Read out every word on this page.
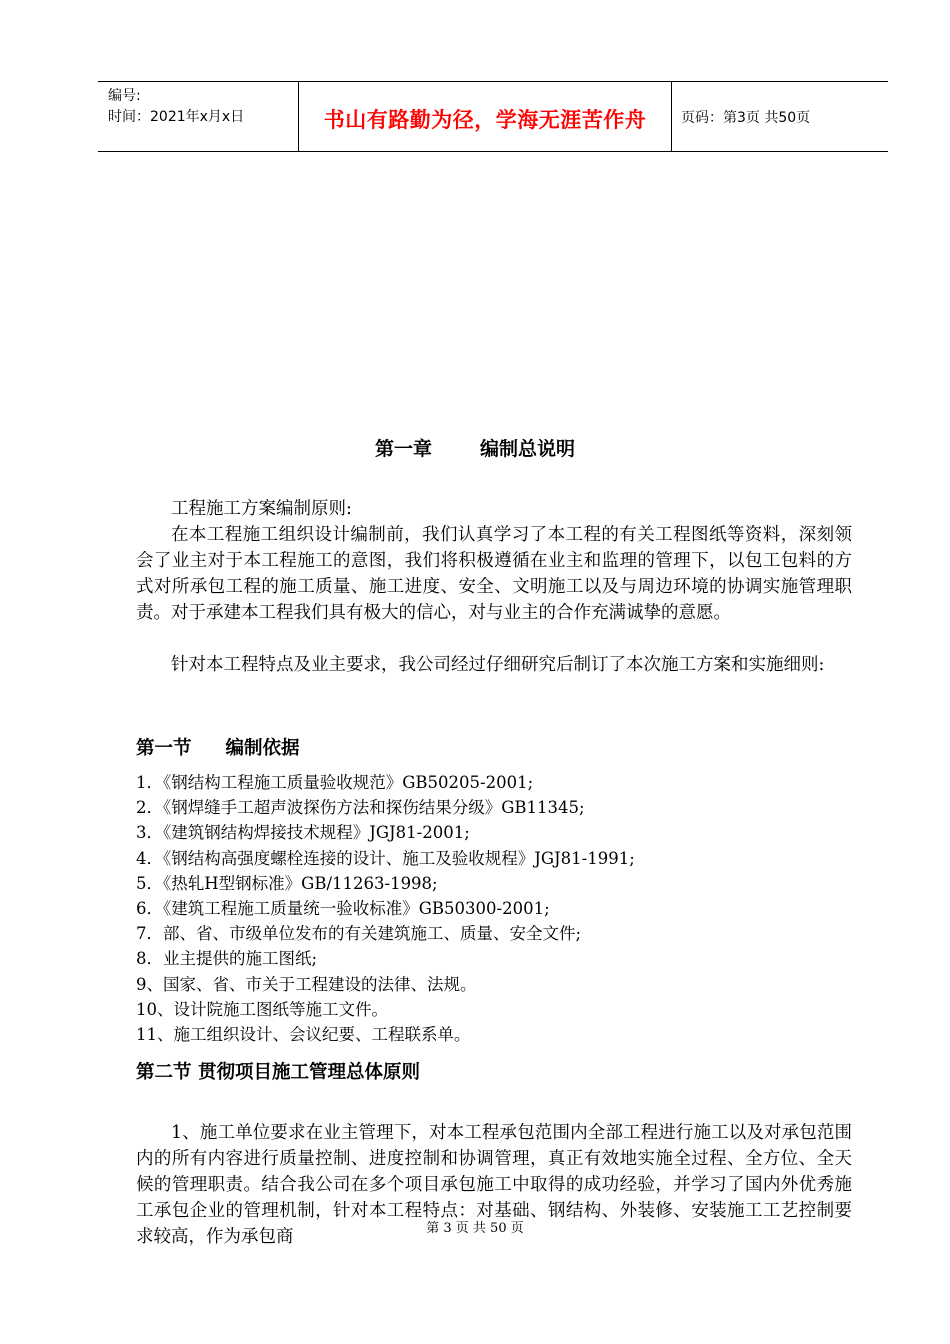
编号:
时间：2021年x月x日	书山有路勤为径，学海无涯苦作舟	页码：第3页 共50页
第一章	编制总说明
工程施工方案编制原则:
在本工程施工组织设计编制前，我们认真学习了本工程的有关工程图纸等资料，深刻领会了业主对于本工程施工的意图，我们将积极遵循在业主和监理的管理下，以包工包料的方式对所承包工程的施工质量、施工进度、安全、文明施工以及与周边环境的协调实施管理职责。对于承建本工程我们具有极大的信心，对与业主的合作充满诚挚的意愿。
针对本工程特点及业主要求，我公司经过仔细研究后制订了本次施工方案和实施细则:
第一节 编制依据
1．《钢结构工程施工质量验收规范》GB50205-2001;
2．《钢焊缝手工超声波探伤方法和探伤结果分级》GB11345;
3．《建筑钢结构焊接技术规程》JGJ81-2001;
4．《钢结构高强度螺栓连接的设计、施工及验收规程》JGJ81-1991;
5．《热轧H型钢标准》GB/11263-1998;
6．《建筑工程施工质量统一验收标准》GB50300-2001;
7．部、省、市级单位发布的有关建筑施工、质量、安全文件;
8．业主提供的施工图纸;
9、国家、省、市关于工程建设的法律、法规。
10、设计院施工图纸等施工文件。
11、施工组织设计、会议纪要、工程联系单。
第二节 贯彻项目施工管理总体原则
1、施工单位要求在业主管理下，对本工程承包范围内全部工程进行施工以及对承包范围内的所有内容进行质量控制、进度控制和协调管理，真正有效地实施全过程、全方位、全天候的管理职责。结合我公司在多个项目承包施工中取得的成功经验，并学习了国内外优秀施工承包企业的管理机制，针对本工程特点：对基础、钢结构、外装修、安装施工工艺控制要求较高，作为承包商	第 3 页 共 50 页
